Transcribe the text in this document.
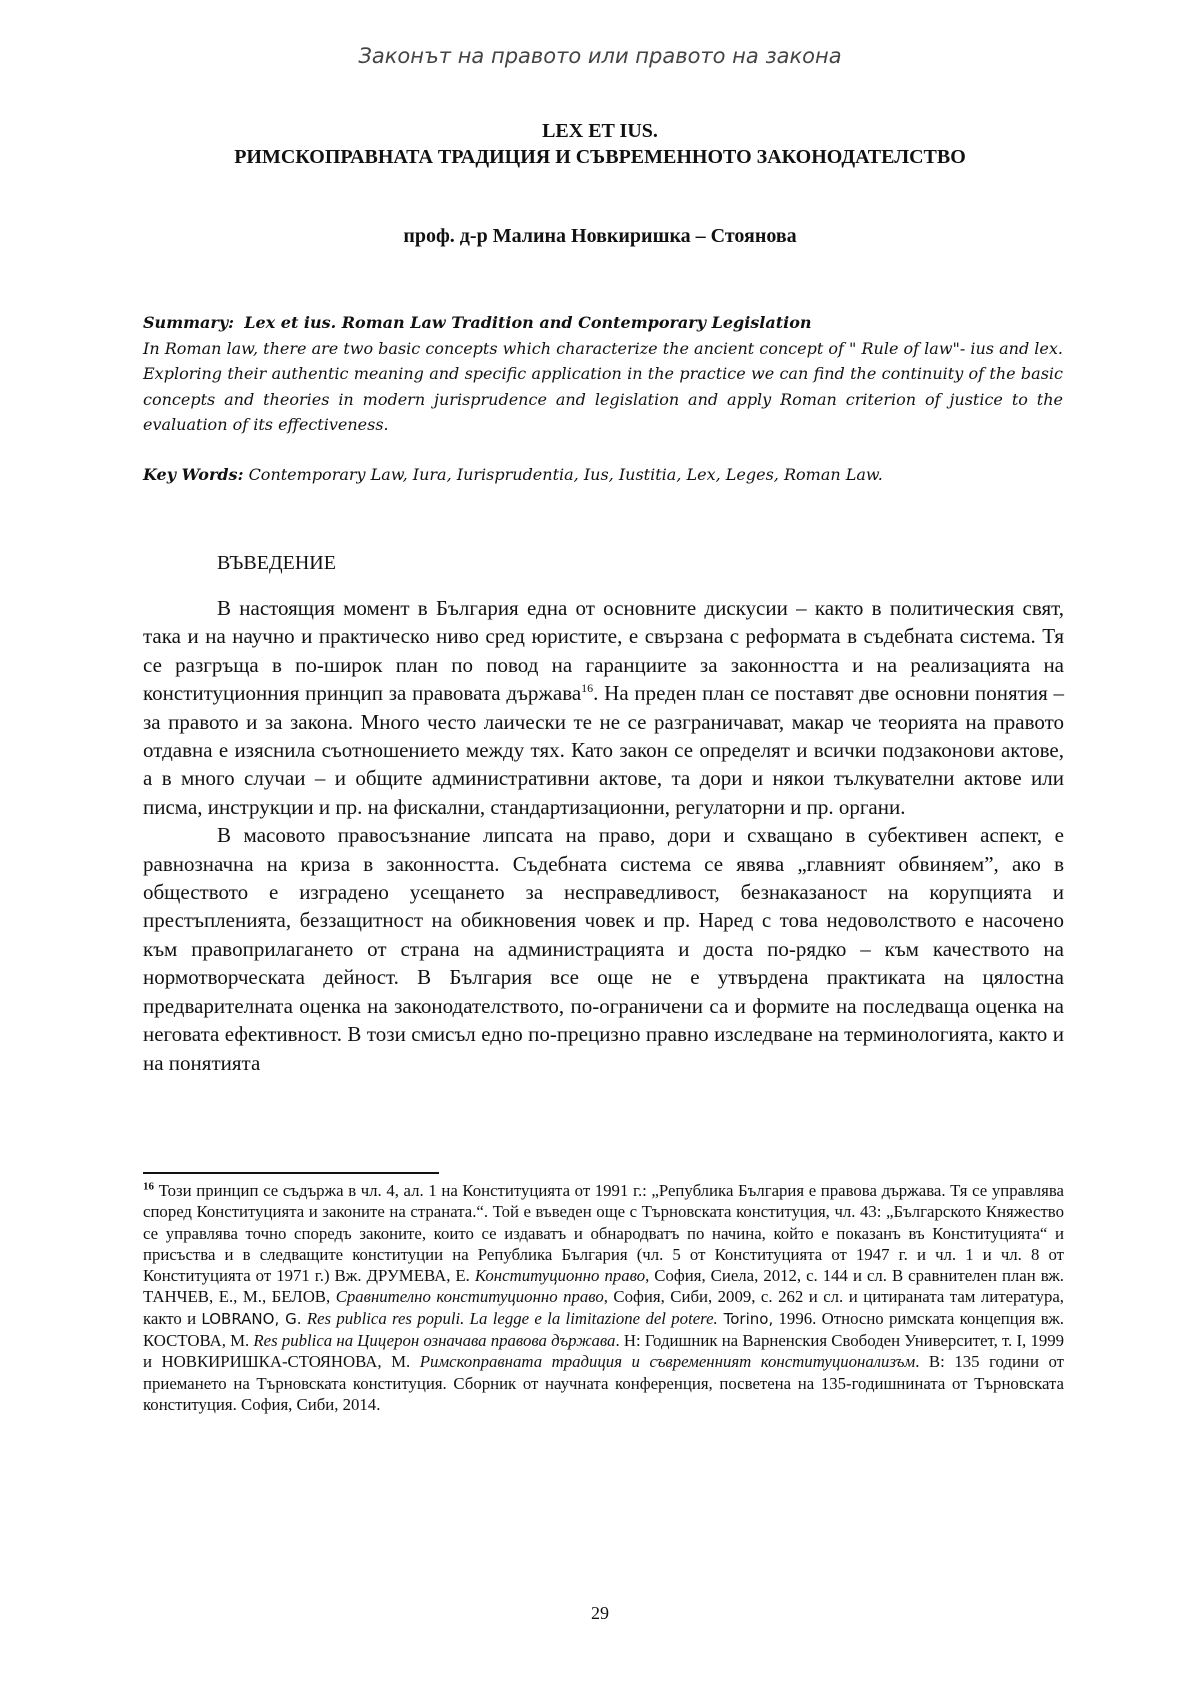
Законът на правото или правото на закона
LEX ET IUS.
РИМСКОПРАВНАТА ТРАДИЦИЯ И СЪВРЕМЕННОТО ЗАКОНОДАТЕЛСТВО
проф. д-р Малина Новкиришка – Стоянова
Summary: Lex et ius. Roman Law Tradition and Contemporary Legislation
In Roman law, there are two basic concepts which characterize the ancient concept of " Rule of law"- ius and lex. Exploring their authentic meaning and specific application in the practice we can find the continuity of the basic concepts and theories in modern jurisprudence and legislation and apply Roman criterion of justice to the evaluation of its effectiveness.
Key Words: Contemporary Law, Iura, Iurisprudentia, Ius, Iustitia, Lex, Leges, Roman Law.
ВЪВЕДЕНИЕ

В настоящия момент в България една от основните дискусии – както в политическия свят, така и на научно и практическо ниво сред юристите, е свързана с реформата в съдебната система. Тя се разгръща в по-широк план по повод на гаранциите за законността и на реализацията на конституционния принцип за правовата държава$^{16}$. На преден план се поставят две основни понятия – за правото и за закона. Много често лаически те не се разграничават, макар че теорията на правото отдавна е изяснила съотношението между тях. Като закон се определят и всички подзаконови актове, а в много случаи – и общите административни актове, та дори и някои тълкувателни актове или писма, инструкции и пр. на фискални, стандартизационни, регулаторни и пр. органи.

В масовото правосъзнание липсата на право, дори и схващано в субективен аспект, е равнозначна на криза в законността. Съдебната система се явява „главният обвиняем”, ако в обществото е изградено усещането за несправедливост, безнаказаност на корупцията и престъпленията, беззащитност на обикновения човек и пр. Наред с това недоволството е насочено към правоприлагането от страна на администрацията и доста по-рядко – към качеството на нормотворческата дейност. В България все още не е утвърдена практиката на цялостна предварителната оценка на законодателството, по-ограничени са и формите на последваща оценка на неговата ефективност. В този смисъл едно по-прецизно правно изследване на терминологията, както и на понятията

$^{16}$ Този принцип се съдържа в чл. 4, ал. 1 на Конституцията от 1991 г.: „Република България е правова държава. Тя се управлява според Конституцията и законите на страната.“. Той е въведен още с Търновската конституция, чл. 43: „Българското Княжество се управлява точно споредъ законите, които се издаватъ и обнародватъ по начина, който е показанъ въ Конституцията“ и присъства и в следващите конституции на Република България (чл. 5 от Конституцията от 1947 г. и чл. 1 и чл. 8 от Конституцията от 1971 г.) Вж. ДРУМЕВА, Е. Конституционно право, София, Сиела, 2012, с. 144 и сл. В сравнителен план вж. ТАНЧЕВ, Е., М., БЕЛОВ, Сравнително конституционно право, София, Сиби, 2009, с. 262 и сл. и цитираната там литература, както и LOBRANO, G. Res publica res populi. La legge e la limitazione del potere. Torino, 1996. Относно римската концепция вж. КОСТОВА, М. Res publica на Цицерон означава правова държава. Н: Годишник на Варненския Свободен Университет, т. I, 1999 и НОВКИРИШКА-СТОЯНОВА, М. Римскоправната традиция и съвременният конституционализъм. В: 135 години от приемането на Търновската конституция. Сборник от научната конференция, посветена на 135-годишнината от Търновската конституция. София, Сиби, 2014.
29
